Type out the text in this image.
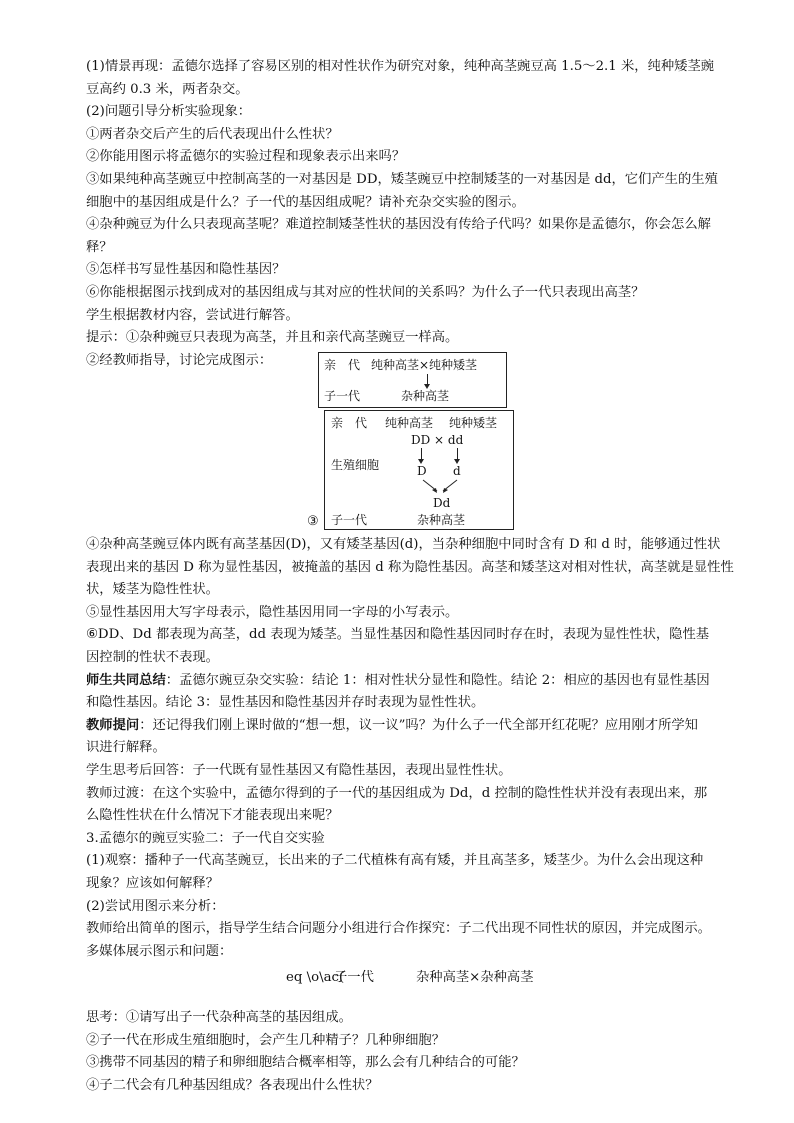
(1)情景再现：孟德尔选择了容易区别的相对性状作为研究对象，纯种高茎豌豆高 1.5～2.1 米，纯种矮茎豌

豆高约 0.3 米，两者杂交。

(2)问题引导分析实验现象：

①两者杂交后产生的后代表现出什么性状？

②你能用图示将孟德尔的实验过程和现象表示出来吗？

③如果纯种高茎豌豆中控制高茎的一对基因是 DD，矮茎豌豆中控制矮茎的一对基因是 dd，它们产生的生殖

细胞中的基因组成是什么？子一代的基因组成呢？请补充杂交实验的图示。

④杂种豌豆为什么只表现高茎呢？难道控制矮茎性状的基因没有传给子代吗？如果你是孟德尔，你会怎么解

释？

⑤怎样书写显性基因和隐性基因？

⑥你能根据图示找到成对的基因组成与其对应的性状间的关系吗？为什么子一代只表现出高茎？

学生根据教材内容，尝试进行解答。

提示：①杂种豌豆只表现为高茎，并且和亲代高茎豌豆一样高。

②经教师指导，讨论完成图示：	亲　代 纯种高茎×纯种矮茎
子一代	杂种高茎
亲　代 纯种高茎 纯种矮茎
DD × dd
生殖细胞	D d
Dd
子一代	杂种高茎
③

④杂种高茎豌豆体内既有高茎基因(D)，又有矮茎基因(d)，当杂种细胞中同时含有 D 和 d 时，能够通过性状

表现出来的基因 D 称为显性基因，被掩盖的基因 d 称为隐性基因。高茎和矮茎这对相对性状，高茎就是显性性

状，矮茎为隐性性状。

⑤显性基因用大写字母表示，隐性基因用同一字母的小写表示。

⑥DD、Dd 都表现为高茎，dd 表现为矮茎。当显性基因和隐性基因同时存在时，表现为显性性状，隐性基

因控制的性状不表现。

师生共同总结：孟德尔豌豆杂交实验：结论 1：相对性状分显性和隐性。结论 2：相应的基因也有显性基因

和隐性基因。结论 3：显性基因和隐性基因并存时表现为显性性状。

教师提问：还记得我们刚上课时做的“想一想，议一议”吗？为什么子一代全部开红花呢？应用刚才所学知

识进行解释。

学生思考后回答：子一代既有显性基因又有隐性基因，表现出显性性状。

教师过渡：在这个实验中，孟德尔得到的子一代的基因组成为 Dd，d 控制的隐性性状并没有表现出来，那

么隐性性状在什么情况下才能表现出来呢？

3.孟德尔的豌豆实验二：子一代自交实验

(1)观察：播种子一代高茎豌豆，长出来的子二代植株有高有矮，并且高茎多，矮茎少。为什么会出现这种

现象？应该如何解释？

(2)尝试用图示来分析：

教师给出简单的图示，指导学生结合问题分小组进行合作探究：子二代出现不同性状的原因，并完成图示。

多媒体展示图示和问题：

eq \o\ac(
子一代	杂种高茎×杂种高茎

思考：①请写出子一代杂种高茎的基因组成。

②子一代在形成生殖细胞时，会产生几种精子？几种卵细胞？

③携带不同基因的精子和卵细胞结合概率相等，那么会有几种结合的可能？

④子二代会有几种基因组成？各表现出什么性状？
